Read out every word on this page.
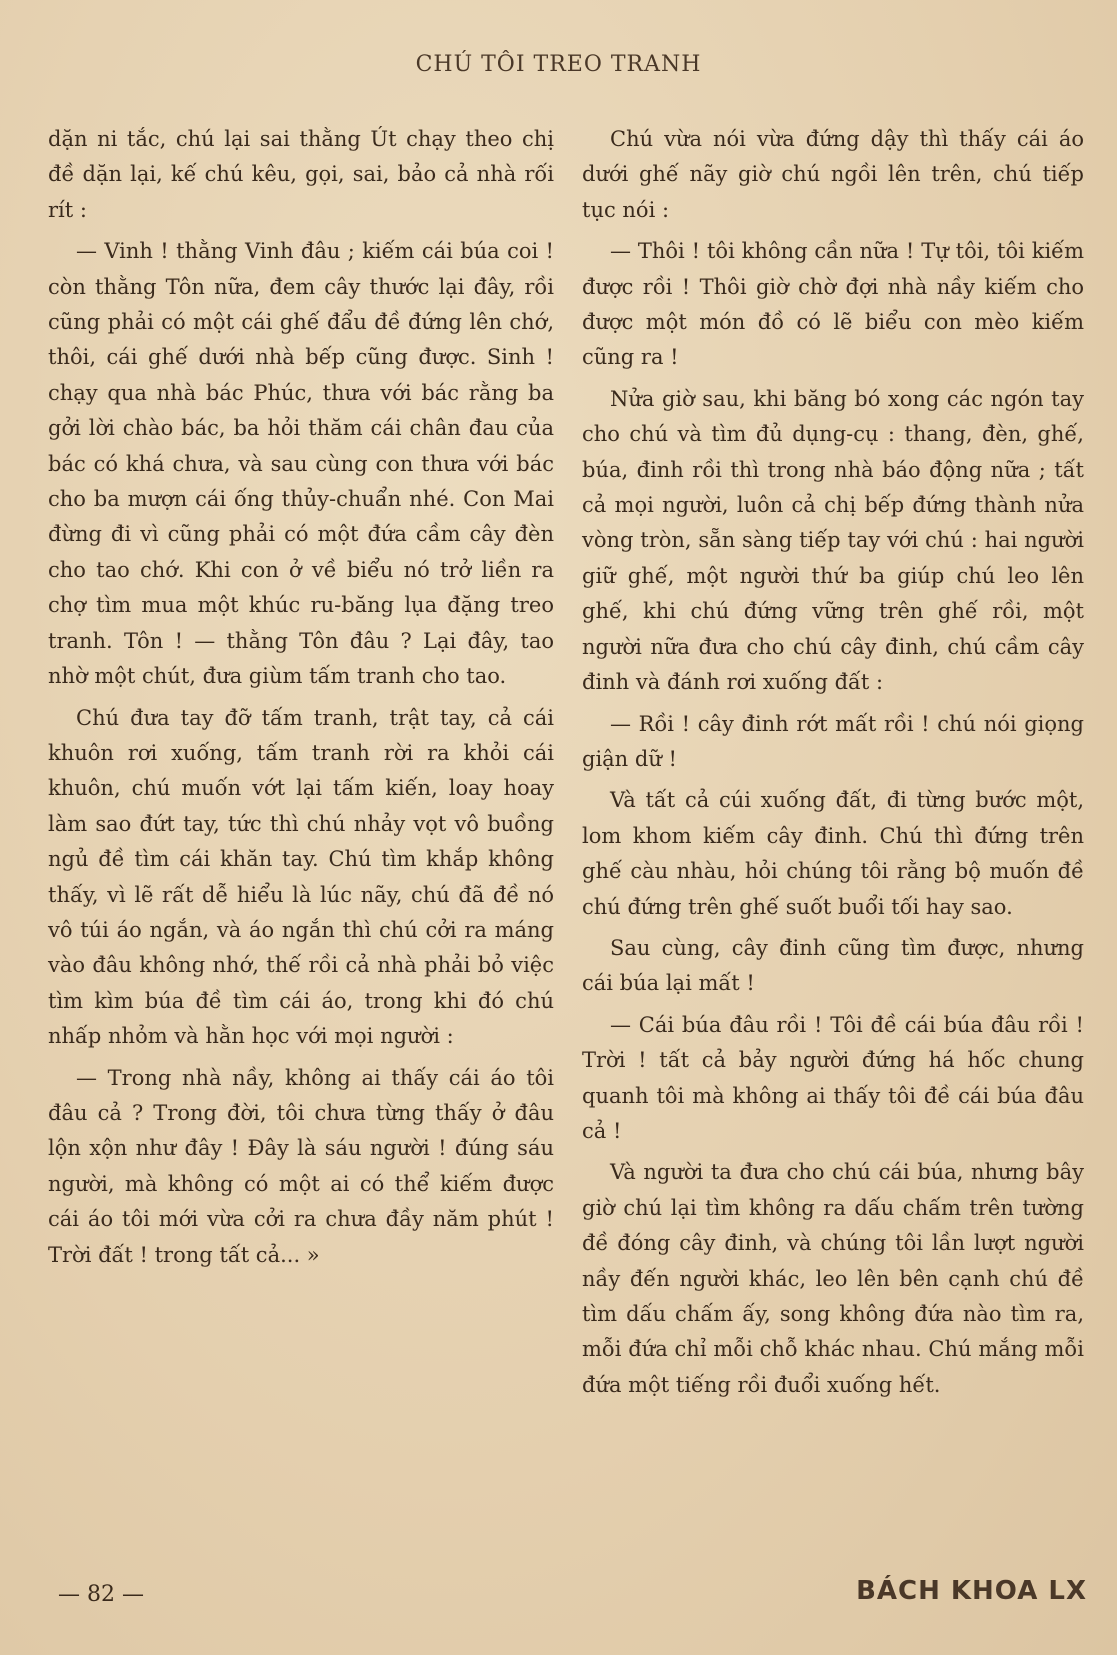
CHÚ TÔI TREO TRANH

dặn ni tắc, chú lại sai thằng Út chạy theo chị đề dặn lại, kế chú kêu, gọi, sai, bảo cả nhà rối rít :

— Vinh ! thằng Vinh đâu ; kiếm cái búa coi ! còn thằng Tôn nữa, đem cây thước lại đây, rồi cũng phải có một cái ghế đẩu đề đứng lên chớ, thôi, cái ghế dưới nhà bếp cũng được. Sinh ! chạy qua nhà bác Phúc, thưa với bác rằng ba gởi lời chào bác, ba hỏi thăm cái chân đau của bác có khá chưa, và sau cùng con thưa với bác cho ba mượn cái ống thủy-chuẩn nhé. Con Mai đừng đi vì cũng phải có một đứa cầm cây đèn cho tao chớ. Khi con ở về biểu nó trở liền ra chợ tìm mua một khúc ru-băng lụa đặng treo tranh. Tôn ! — thằng Tôn đâu ? Lại đây, tao nhờ một chút, đưa giùm tấm tranh cho tao.

Chú đưa tay đỡ tấm tranh, trật tay, cả cái khuôn rơi xuống, tấm tranh rời ra khỏi cái khuôn, chú muốn vớt lại tấm kiến, loay hoay làm sao đứt tay, tức thì chú nhảy vọt vô buồng ngủ đề tìm cái khăn tay. Chú tìm khắp không thấy, vì lẽ rất dễ hiểu là lúc nãy, chú đã đề nó vô túi áo ngắn, và áo ngắn thì chú cởi ra máng vào đâu không nhớ, thế rồi cả nhà phải bỏ việc tìm kìm búa đề tìm cái áo, trong khi đó chú nhấp nhỏm và hằn học với mọi người :

— Trong nhà nầy, không ai thấy cái áo tôi đâu cả ? Trong đời, tôi chưa từng thấy ở đâu lộn xộn như đây ! Đây là sáu người ! đúng sáu người, mà không có một ai có thể kiếm được cái áo tôi mới vừa cởi ra chưa đầy năm phút ! Trời đất ! trong tất cả... »

Chú vừa nói vừa đứng dậy thì thấy cái áo dưới ghế nãy giờ chú ngồi lên trên, chú tiếp tục nói :

— Thôi ! tôi không cần nữa ! Tự tôi, tôi kiếm được rồi ! Thôi giờ chờ đợi nhà nầy kiếm cho được một món đồ có lẽ biểu con mèo kiếm cũng ra !

Nửa giờ sau, khi băng bó xong các ngón tay cho chú và tìm đủ dụng-cụ : thang, đèn, ghế, búa, đinh rồi thì trong nhà báo động nữa ; tất cả mọi người, luôn cả chị bếp đứng thành nửa vòng tròn, sẵn sàng tiếp tay với chú : hai người giữ ghế, một người thứ ba giúp chú leo lên ghế, khi chú đứng vững trên ghế rồi, một người nữa đưa cho chú cây đinh, chú cầm cây đinh và đánh rơi xuống đất :

— Rồi ! cây đinh rớt mất rồi ! chú nói giọng giận dữ !

Và tất cả cúi xuống đất, đi từng bước một, lom khom kiếm cây đinh. Chú thì đứng trên ghế càu nhàu, hỏi chúng tôi rằng bộ muốn đề chú đứng trên ghế suốt buổi tối hay sao.

Sau cùng, cây đinh cũng tìm được, nhưng cái búa lại mất !

— Cái búa đâu rồi ! Tôi đề cái búa đâu rồi ! Trời ! tất cả bảy người đứng há hốc chung quanh tôi mà không ai thấy tôi đề cái búa đâu cả !

Và người ta đưa cho chú cái búa, nhưng bây giờ chú lại tìm không ra dấu chấm trên tường đề đóng cây đinh, và chúng tôi lần lượt người nầy đến người khác, leo lên bên cạnh chú đề tìm dấu chấm ấy, song không đứa nào tìm ra, mỗi đứa chỉ mỗi chỗ khác nhau. Chú mắng mỗi đứa một tiếng rồi đuổi xuống hết.

— 82 —	BÁCH KHOA LX
